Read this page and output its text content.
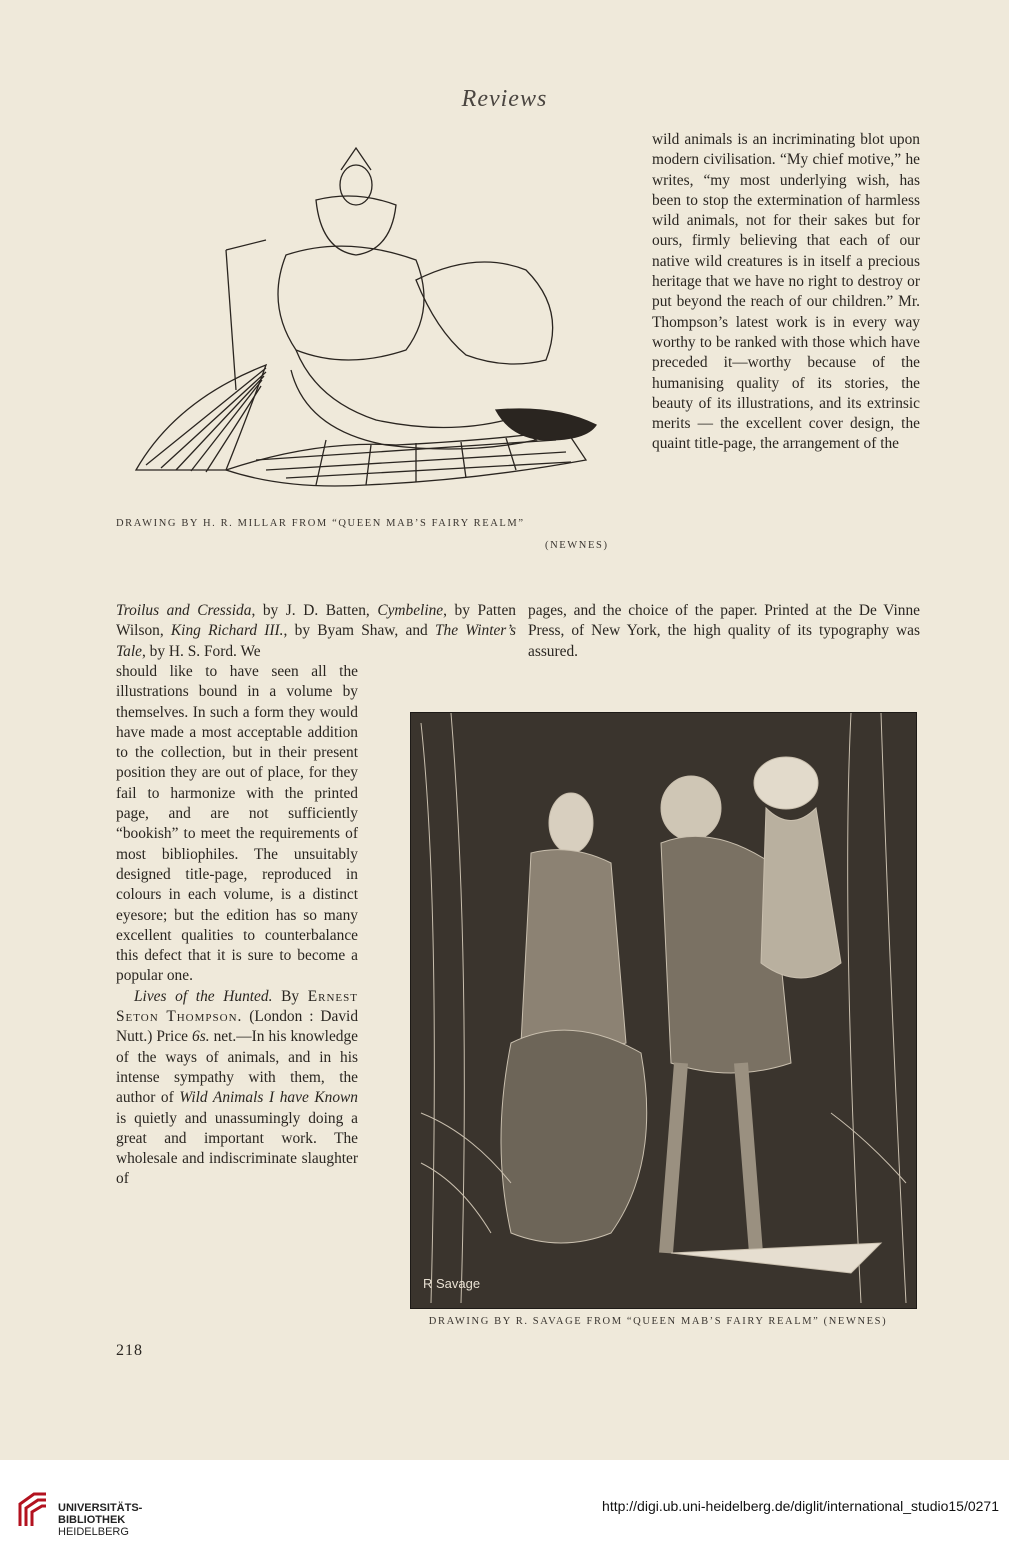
Reviews
DRAWING BY H. R. MILLAR FROM “QUEEN MAB’S FAIRY REALM”
(NEWNES)

wild animals is an incriminating blot upon modern civilisation. “My chief motive,” he writes, “my most underlying wish, has been to stop the extermination of harmless wild animals, not for their sakes but for ours, firmly believing that each of our native wild creatures is in itself a precious heritage that we have no right to destroy or put beyond the reach of our children.” Mr. Thompson’s latest work is in every way worthy to be ranked with those which have preceded it—worthy because of the humanising quality of its stories, the beauty of its illustrations, and its extrinsic merits — the excellent cover design, the quaint title-page, the arrangement of the

Troilus and Cressida, by J. D. Batten, Cymbeline, by Patten Wilson, King Richard III., by Byam Shaw, and The Winter’s Tale, by H. S. Ford. We

pages, and the choice of the paper. Printed at the De Vinne Press, of New York, the high quality of its typography was assured.

should like to have seen all the illustrations bound in a volume by themselves. In such a form they would have made a most acceptable addition to the collection, but in their present position they are out of place, for they fail to harmonize with the printed page, and are not sufficiently “bookish” to meet the requirements of most bibliophiles. The unsuitably designed title-page, reproduced in colours in each volume, is a distinct eyesore; but the edition has so many excellent qualities to counterbalance this defect that it is sure to become a popular one.

Lives of the Hunted. By Ernest Seton Thompson. (London : David Nutt.) Price 6s. net.—In his knowledge of the ways of animals, and in his intense sympathy with them, the author of Wild Animals I have Known is quietly and unassumingly doing a great and important work. The wholesale and indiscriminate slaughter of

R Savage
DRAWING BY R. SAVAGE FROM “QUEEN MAB’S FAIRY REALM” (NEWNES)
218
UNIVERSITÄTS-
BIBLIOTHEK
HEIDELBERG
http://digi.ub.uni-heidelberg.de/diglit/international_studio15/0271
